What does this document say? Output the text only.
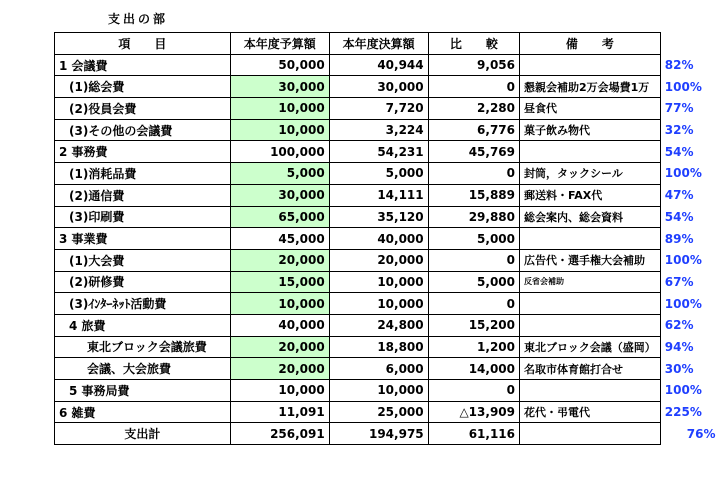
支出の部
項　　目	本年度予算額	本年度決算額	比　　較	備　　考	
1 会議費	50,000	40,944	9,056		82%
(1)総会費	30,000	30,000	0	懇親会補助2万会場費1万	100%
(2)役員会費	10,000	7,720	2,280	昼食代	77%
(3)その他の会議費	10,000	3,224	6,776	菓子飲み物代	32%
2 事務費	100,000	54,231	45,769		54%
(1)消耗品費	5,000	5,000	0	封筒，タックシール	100%
(2)通信費	30,000	14,111	15,889	郵送料・FAX代	47%
(3)印刷費	65,000	35,120	29,880	総会案内、総会資料	54%
3 事業費	45,000	40,000	5,000		89%
(1)大会費	20,000	20,000	0	広告代・選手権大会補助	100%
(2)研修費	15,000	10,000	5,000	反省会補助	67%
(3)ｲﾝﾀｰﾈｯﾄ活動費	10,000	10,000	0		100%
4 旅費	40,000	24,800	15,200		62%
東北ブロック会議旅費	20,000	18,800	1,200	東北ブロック会議（盛岡）	94%
会議、大会旅費	20,000	6,000	14,000	名取市体育館打合せ	30%
5 事務局費	10,000	10,000	0		100%
6 雑費	11,091	25,000	△13,909	花代・弔電代	225%
支出計	256,091	194,975	61,116		76%
